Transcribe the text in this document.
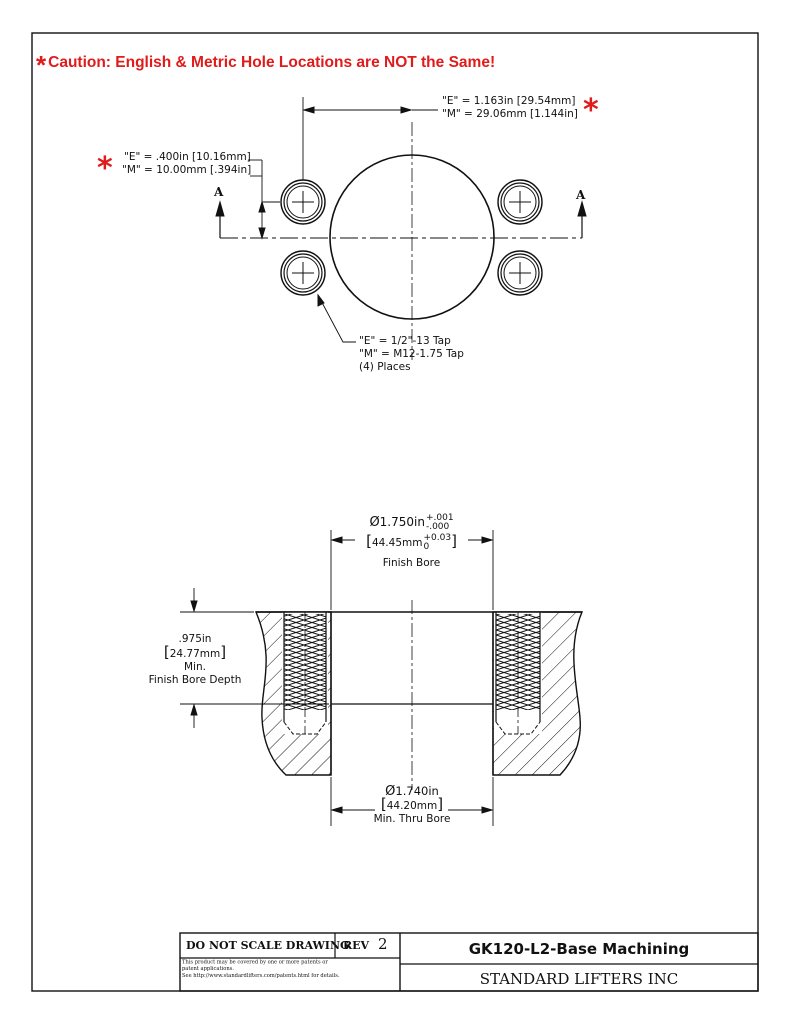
* Caution: English & Metric Hole Locations are NOT the Same!
"E" = 1.163in [29.54mm]
"M" = 29.06mm [1.144in] *
"E" = .400in [10.16mm]
"M" = 10.00mm [.394in]
*
A	A
"E" = 1/2"-13 Tap
"M" = M12-1.75 Tap
(4) Places
Ø1.750in+.001
-.000
[44.45mm+0.03
0 ]
Finish Bore
.975in
[24.77mm]
Min.
Finish Bore Depth
Ø1.740in
[44.20mm]
Min. Thru Bore
DO NOT SCALE DRAWING
REV 2	GK120-L2-Base Machining
STANDARD LIFTERS INC
This product may be covered by one or more patents or
patent applications.
See http://www.standardlifters.com/patents.html for details.
